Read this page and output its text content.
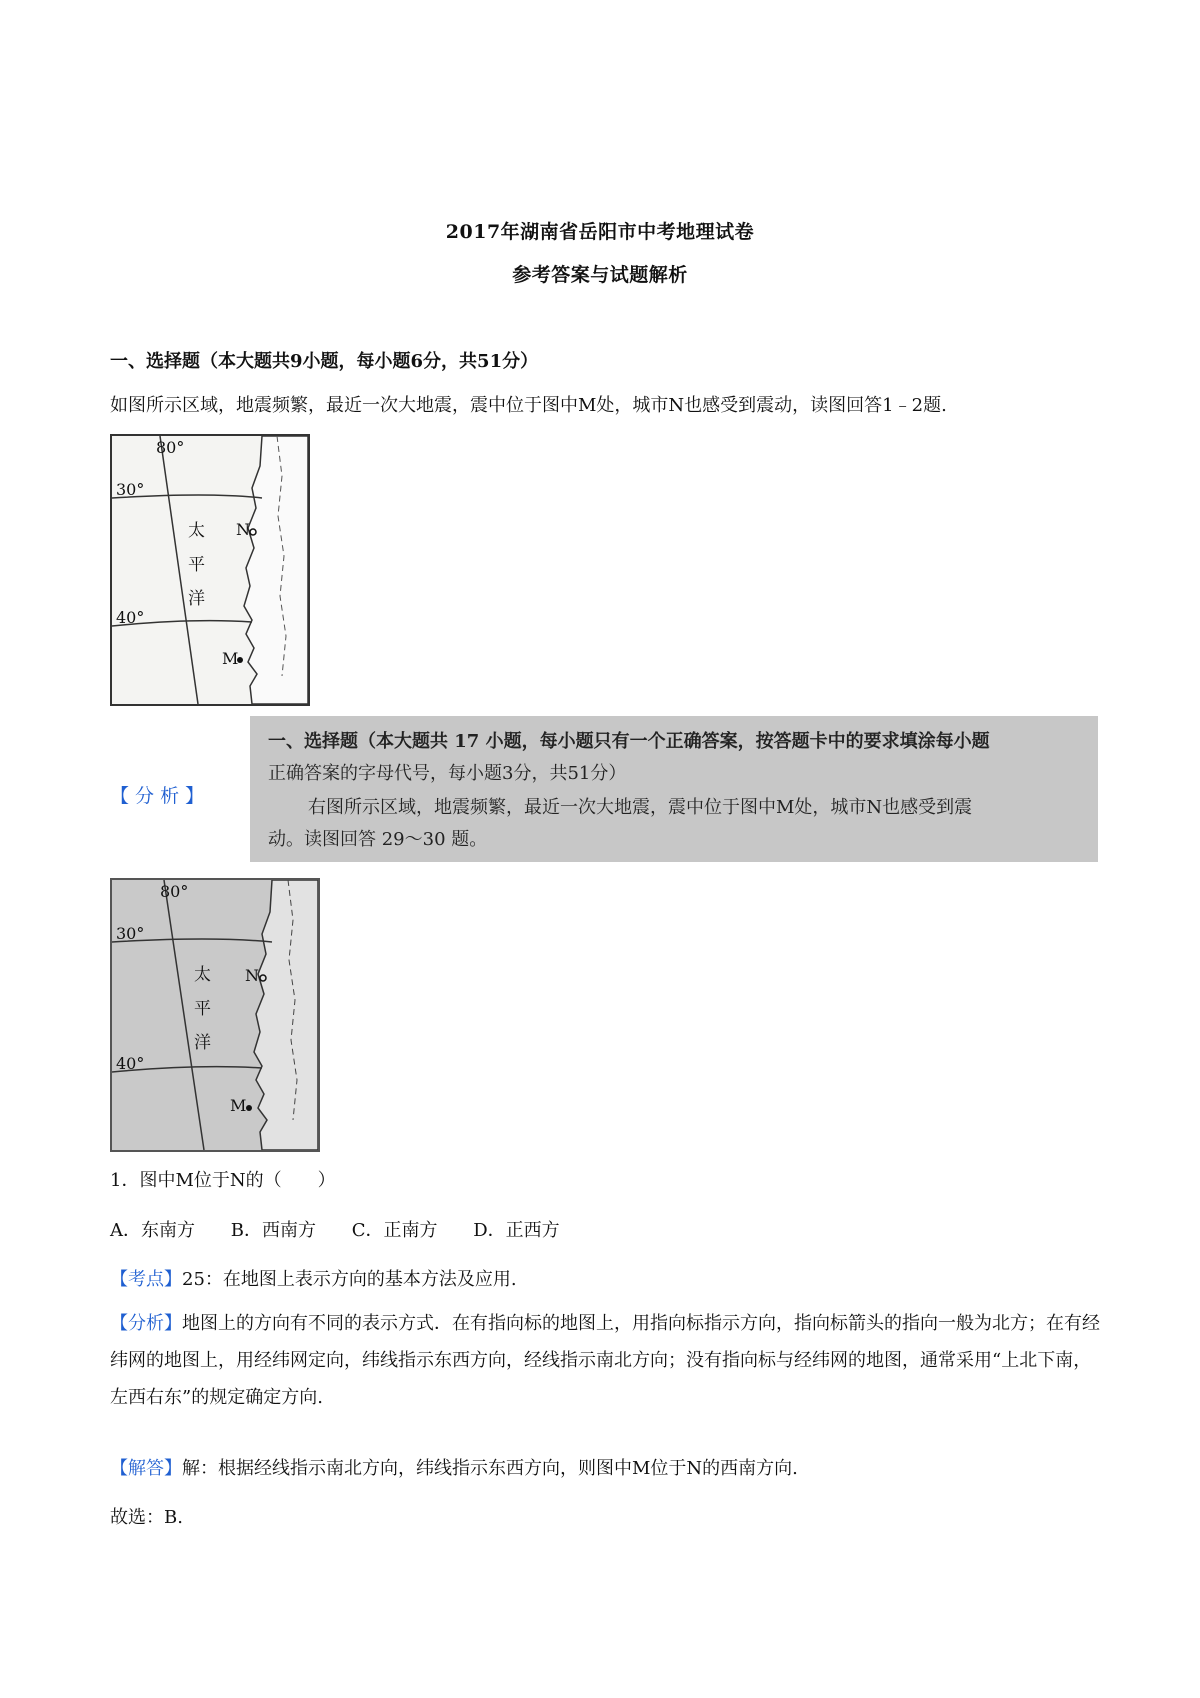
2017年湖南省岳阳市中考地理试卷
参考答案与试题解析
一、选择题（本大题共9小题，每小题6分，共51分）
如图所示区域，地震频繁，最近一次大地震，震中位于图中M处，城市N也感受到震动，读图回答1﹣2题.
80°
30°
40°
太
平
洋
N
M
【 分 析 】
一、选择题（本大题共 17 小题，每小题只有一个正确答案，按答题卡中的要求填涂每小题
正确答案的字母代号，每小题3分，共51分）
右图所示区域，地震频繁，最近一次大地震，震中位于图中M处，城市N也感受到震
动。读图回答 29～30 题。
80°
30°
40°
太
平
洋
N
M
1．图中M位于N的（　　）
A．东南方 B．西南方 C．正南方 D．正西方
【考点】25：在地图上表示方向的基本方法及应用.
【分析】地图上的方向有不同的表示方式．在有指向标的地图上，用指向标指示方向，指向标箭头的指向一般为北方；在有经纬网的地图上，用经纬网定向，纬线指示东西方向，经线指示南北方向；没有指向标与经纬网的地图，通常采用“上北下南，左西右东”的规定确定方向.
【解答】解：根据经线指示南北方向，纬线指示东西方向，则图中M位于N的西南方向.
故选：B.
